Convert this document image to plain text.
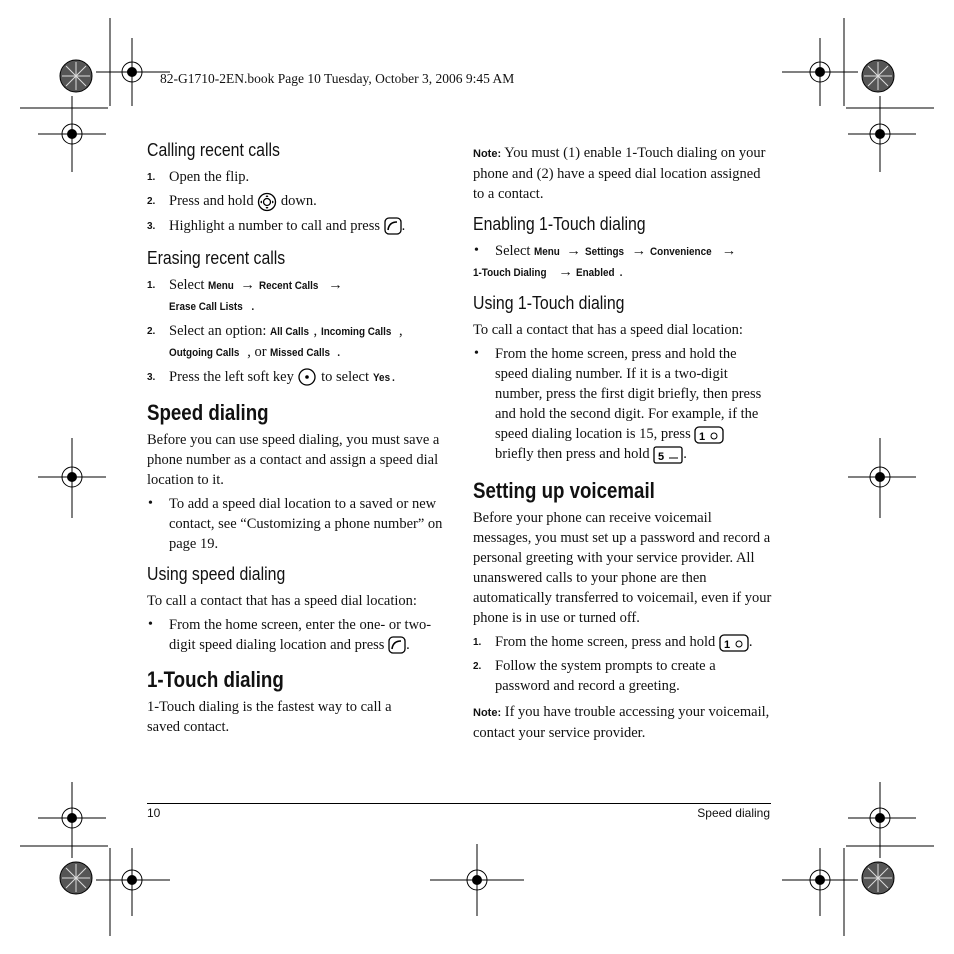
82-G1710-2EN.book Page 10 Tuesday, October 3, 2006 9:45 AM
Calling recent calls
1. Open the flip.
2. Press and hold  down.
3. Highlight a number to call and press .
Erasing recent calls
1. Select Menu → Recent Calls →
Erase Call Lists .
2. Select an option: All Calls , Incoming Calls ,
Outgoing Calls , or Missed Calls .
3. Press the left soft key  to select Yes .
Speed dialing

Before you can use speed dialing, you must save a phone number as a contact and assign a speed dial location to it.

• To add a speed dial location to a saved or new contact, see “Customizing a phone number” on page 19.
Using speed dialing

To call a contact that has a speed dial location:

• From the home screen, enter the one- or two-digit speed dialing location and press .
1-Touch dialing

1-Touch dialing is the fastest way to call a saved contact.

Note: You must (1) enable 1-Touch dialing on your phone and (2) have a speed dial location assigned to a contact.

Enabling 1-Touch dialing
• Select Menu → Settings → Convenience →
1-Touch Dialing → Enabled .
Using 1-Touch dialing

To call a contact that has a speed dial location:

• From the home screen, press and hold the speed dialing number. If it is a two-digit number, press the first digit briefly, then press and hold the second digit. For example, if the speed dialing location is 15, press 1

briefly then press and hold 5 .
Setting up voicemail

Before your phone can receive voicemail messages, you must set up a password and record a personal greeting with your service provider. All unanswered calls to your phone are then automatically transferred to voicemail, even if your phone is in use or turned off.

1. From the home screen, press and hold 1 .
2. Follow the system prompts to create a password and record a greeting.

Note: If you have trouble accessing your voicemail, contact your service provider.

10	Speed dialing
